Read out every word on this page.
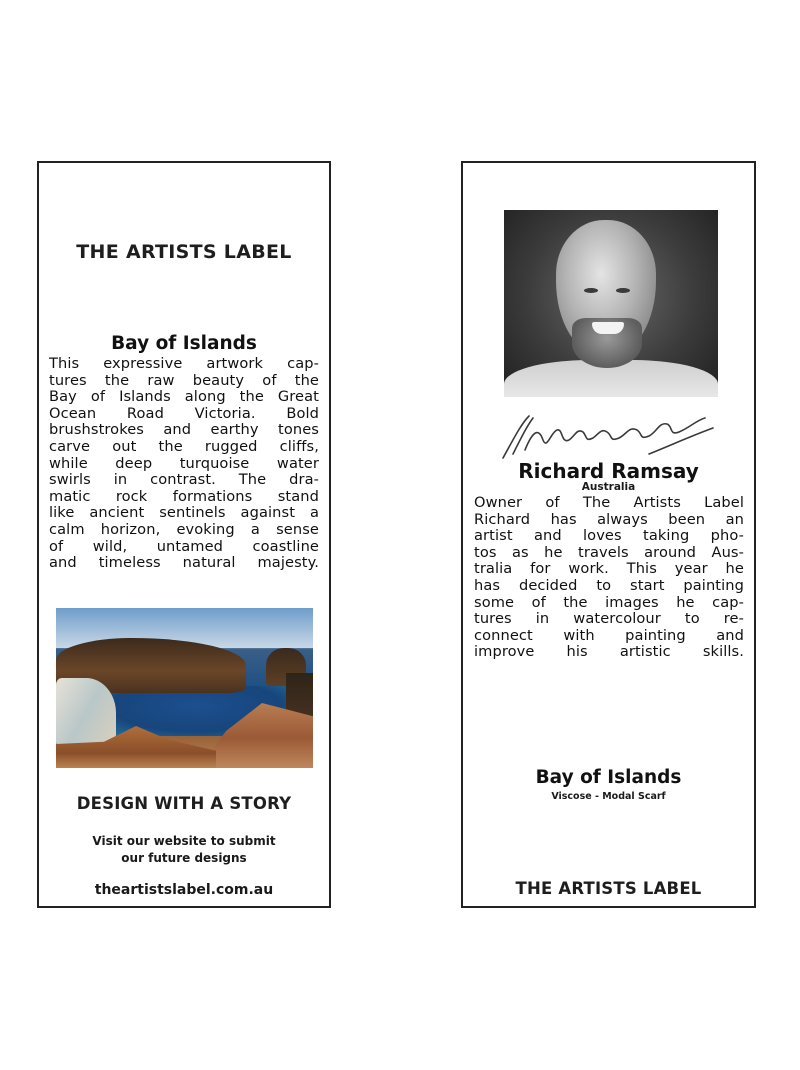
THE ARTISTS LABEL
Bay of Islands
This expressive artwork cap-
tures the raw beauty of the
Bay of Islands along the Great
Ocean Road Victoria. Bold
brushstrokes and earthy tones
carve out the rugged cliffs,
while deep turquoise water
swirls in contrast. The dra-
matic rock formations stand
like ancient sentinels against a
calm horizon, evoking a sense
of wild, untamed coastline
and timeless natural majesty.
DESIGN WITH A STORY
Visit our website to submit
our future designs
theartistslabel.com.au
Richard Ramsay
Australia
Owner of The Artists Label
Richard has always been an
artist and loves taking pho-
tos as he travels around Aus-
tralia for work. This year he
has decided to start painting
some of the images he cap-
tures in watercolour to re-
connect with painting and
improve his artistic skills.
Bay of Islands
Viscose - Modal Scarf
THE ARTISTS LABEL
